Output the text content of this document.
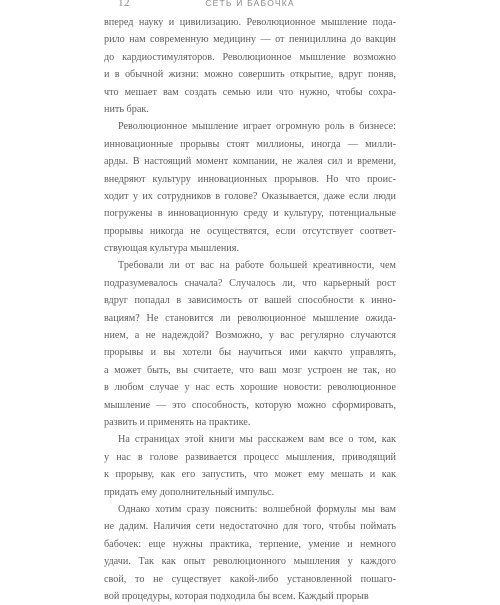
12	СЕТЬ И БАБОЧКА
вперед науку и цивилизацию. Революционное мышление пода-
рило нам современную медицину — от пенициллина до вакцин
до кардиостимуляторов. Революционное мышление возможно
и в обычной жизни: можно совершить открытие, вдруг поняв,
что мешает вам создать семью или что нужно, чтобы сохра-
нить брак.
Революционное мышление играет огромную роль в бизнесе:
инновационные прорывы стоят миллионы, иногда — милли-
арды. В настоящий момент компании, не жалея сил и времени,
внедряют культуру инновационных прорывов. Но что проис-
ходит у их сотрудников в голове? Оказывается, даже если люди
погружены в инновационную среду и культуру, потенциальные
прорывы никогда не осуществятся, если отсутствует соответ-
ствующая культура мышления.
Требовали ли от вас на работе большей креативности, чем
подразумевалось сначала? Случалось ли, что карьерный рост
вдруг попадал в зависимость от вашей способности к инно-
вациям? Не становится ли революционное мышление ожида-
нием, а не надеждой? Возможно, у вас регулярно случаются
прорывы и вы хотели бы научиться ими какчто управлять,
а может быть, вы считаете, что ваш мозг устроен не так, но
в любом случае у нас есть хорошие новости: революционное
мышление — это способность, которую можно сформировать,
развить и применять на практике.
На страницах этой книги мы расскажем вам все о том, как
у нас в голове развивается процесс мышления, приводящий
к прорыву, как его запустить, что может ему мешать и как
придать ему дополнительный импульс.
Однако хотим сразу пояснить: волшебной формулы мы вам
не дадим. Наличия сети недостаточно для того, чтобы поймать
бабочек: еще нужны практика, терпение, умение и немного
удачи. Так как опыт революционного мышления у каждого
свой, то не существует какой-либо установленной пошаго-
вой процедуры, которая подходила бы всем. Каждый прорыв
